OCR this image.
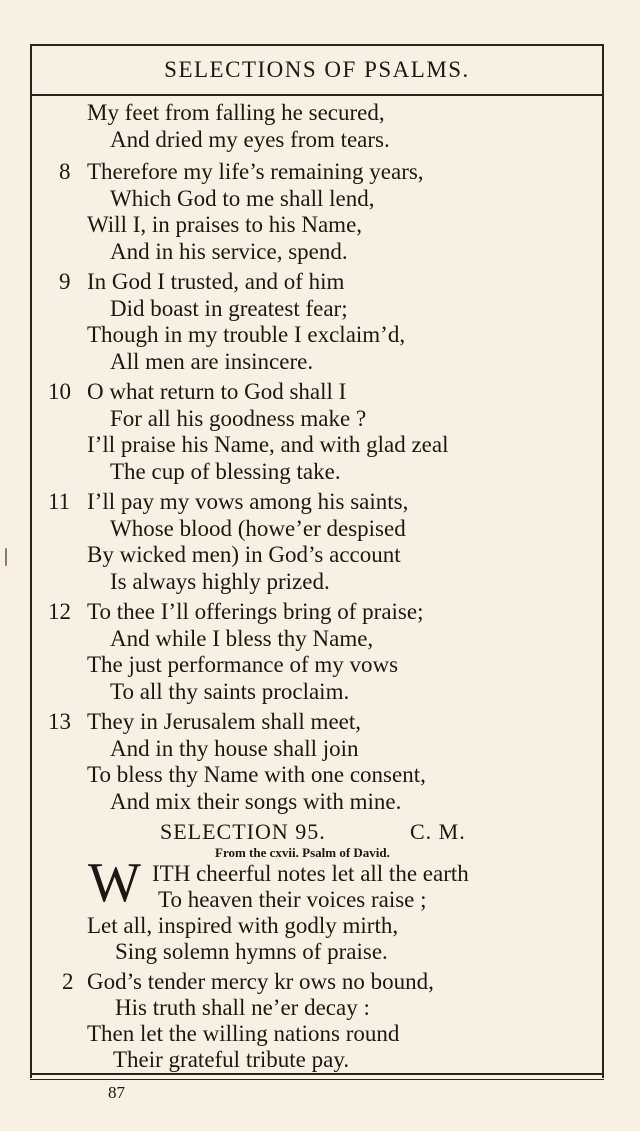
SELECTIONS OF PSALMS.
My feet from falling he secured,
And dried my eyes from tears.
8 Therefore my life’s remaining years,
Which God to me shall lend,
Will I, in praises to his Name,
And in his service, spend.
9 In God I trusted, and of him
Did boast in greatest fear;
Though in my trouble I exclaim’d,
All men are insincere.
10 O what return to God shall I
For all his goodness make ?
I’ll praise his Name, and with glad zeal
The cup of blessing take.
11 I’ll pay my vows among his saints,
Whose blood (howe’er despised
By wicked men) in God’s account
Is always highly prized.
12 To thee I’ll offerings bring of praise;
And while I bless thy Name,
The just performance of my vows
To all thy saints proclaim.
13 They in Jerusalem shall meet,
And in thy house shall join
To bless thy Name with one consent,
And mix their songs with mine.
SELECTION 95.	C. M.
From the cxvii. Psalm of David.
W ITH cheerful notes let all the earth
To heaven their voices raise ;
Let all, inspired with godly mirth,
Sing solemn hymns of praise.
2 God’s tender mercy kr ows no bound,
His truth shall ne’er decay :
Then let the willing nations round
Their grateful tribute pay.
87
